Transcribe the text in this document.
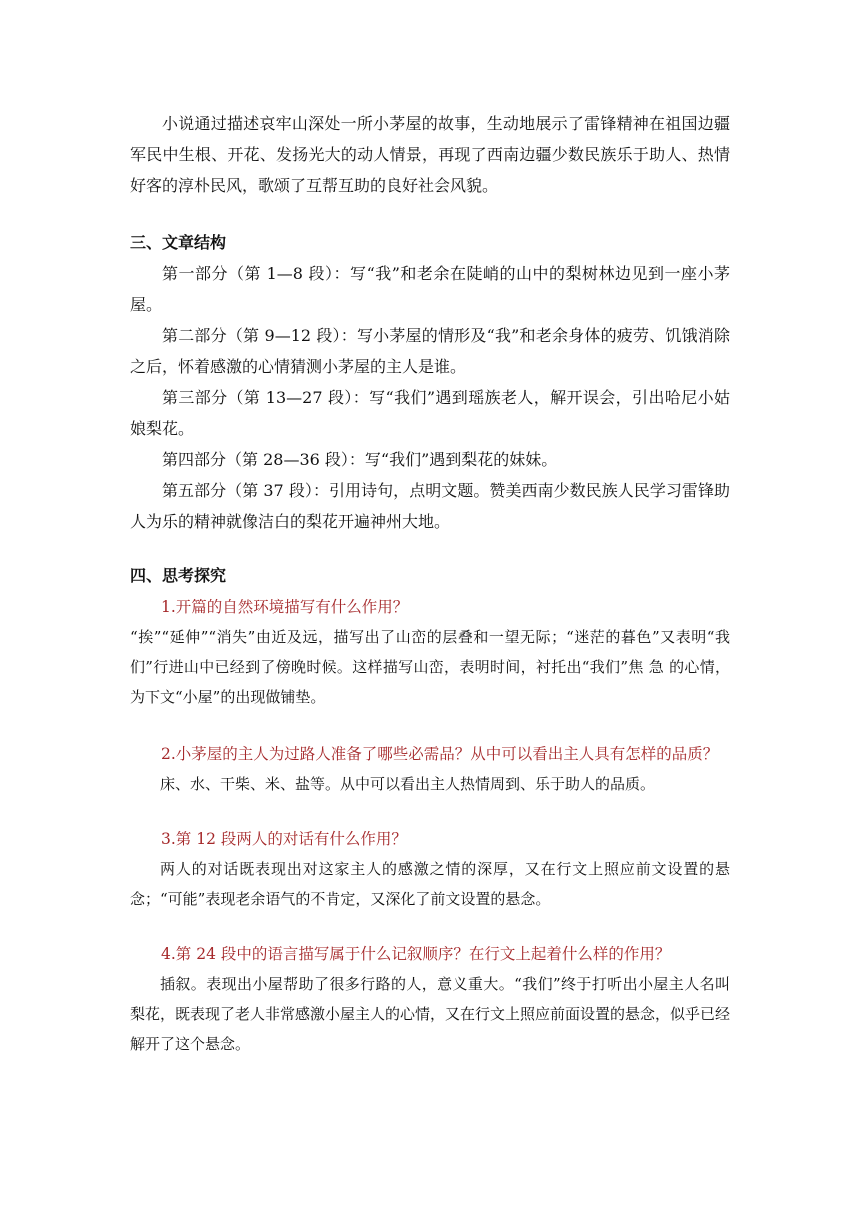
小说通过描述哀牢山深处一所小茅屋的故事，生动地展示了雷锋精神在祖国边疆军民中生根、开花、发扬光大的动人情景，再现了西南边疆少数民族乐于助人、热情好客的淳朴民风，歌颂了互帮互助的良好社会风貌。

三、文章结构

第一部分（第 1—8 段）：写“我”和老余在陡峭的山中的梨树林边见到一座小茅屋。

第二部分（第 9—12 段）：写小茅屋的情形及“我”和老余身体的疲劳、饥饿消除之后，怀着感激的心情猜测小茅屋的主人是谁。

第三部分（第 13—27 段）：写“我们”遇到瑶族老人，解开误会，引出哈尼小姑娘梨花。

第四部分（第 28—36 段）：写“我们”遇到梨花的妹妹。

第五部分（第 37 段）：引用诗句，点明文题。赞美西南少数民族人民学习雷锋助人为乐的精神就像洁白的梨花开遍神州大地。

四、思考探究

1.开篇的自然环境描写有什么作用？

“挨”“延伸”“消失”由近及远，描写出了山峦的层叠和一望无际；“迷茫的暮色”又表明“我们”行进山中已经到了傍晚时候。这样描写山峦，表明时间，衬托出“我们”焦 急 的心情，为下文“小屋”的出现做铺垫。

2.小茅屋的主人为过路人准备了哪些必需品？从中可以看出主人具有怎样的品质？

床、水、干柴、米、盐等。从中可以看出主人热情周到、乐于助人的品质。

3.第 12 段两人的对话有什么作用？

两人的对话既表现出对这家主人的感激之情的深厚，又在行文上照应前文设置的悬念；“可能”表现老余语气的不肯定，又深化了前文设置的悬念。

4.第 24 段中的语言描写属于什么记叙顺序？在行文上起着什么样的作用？

插叙。表现出小屋帮助了很多行路的人，意义重大。“我们”终于打听出小屋主人名叫梨花，既表现了老人非常感激小屋主人的心情，又在行文上照应前面设置的悬念，似乎已经解开了这个悬念。
